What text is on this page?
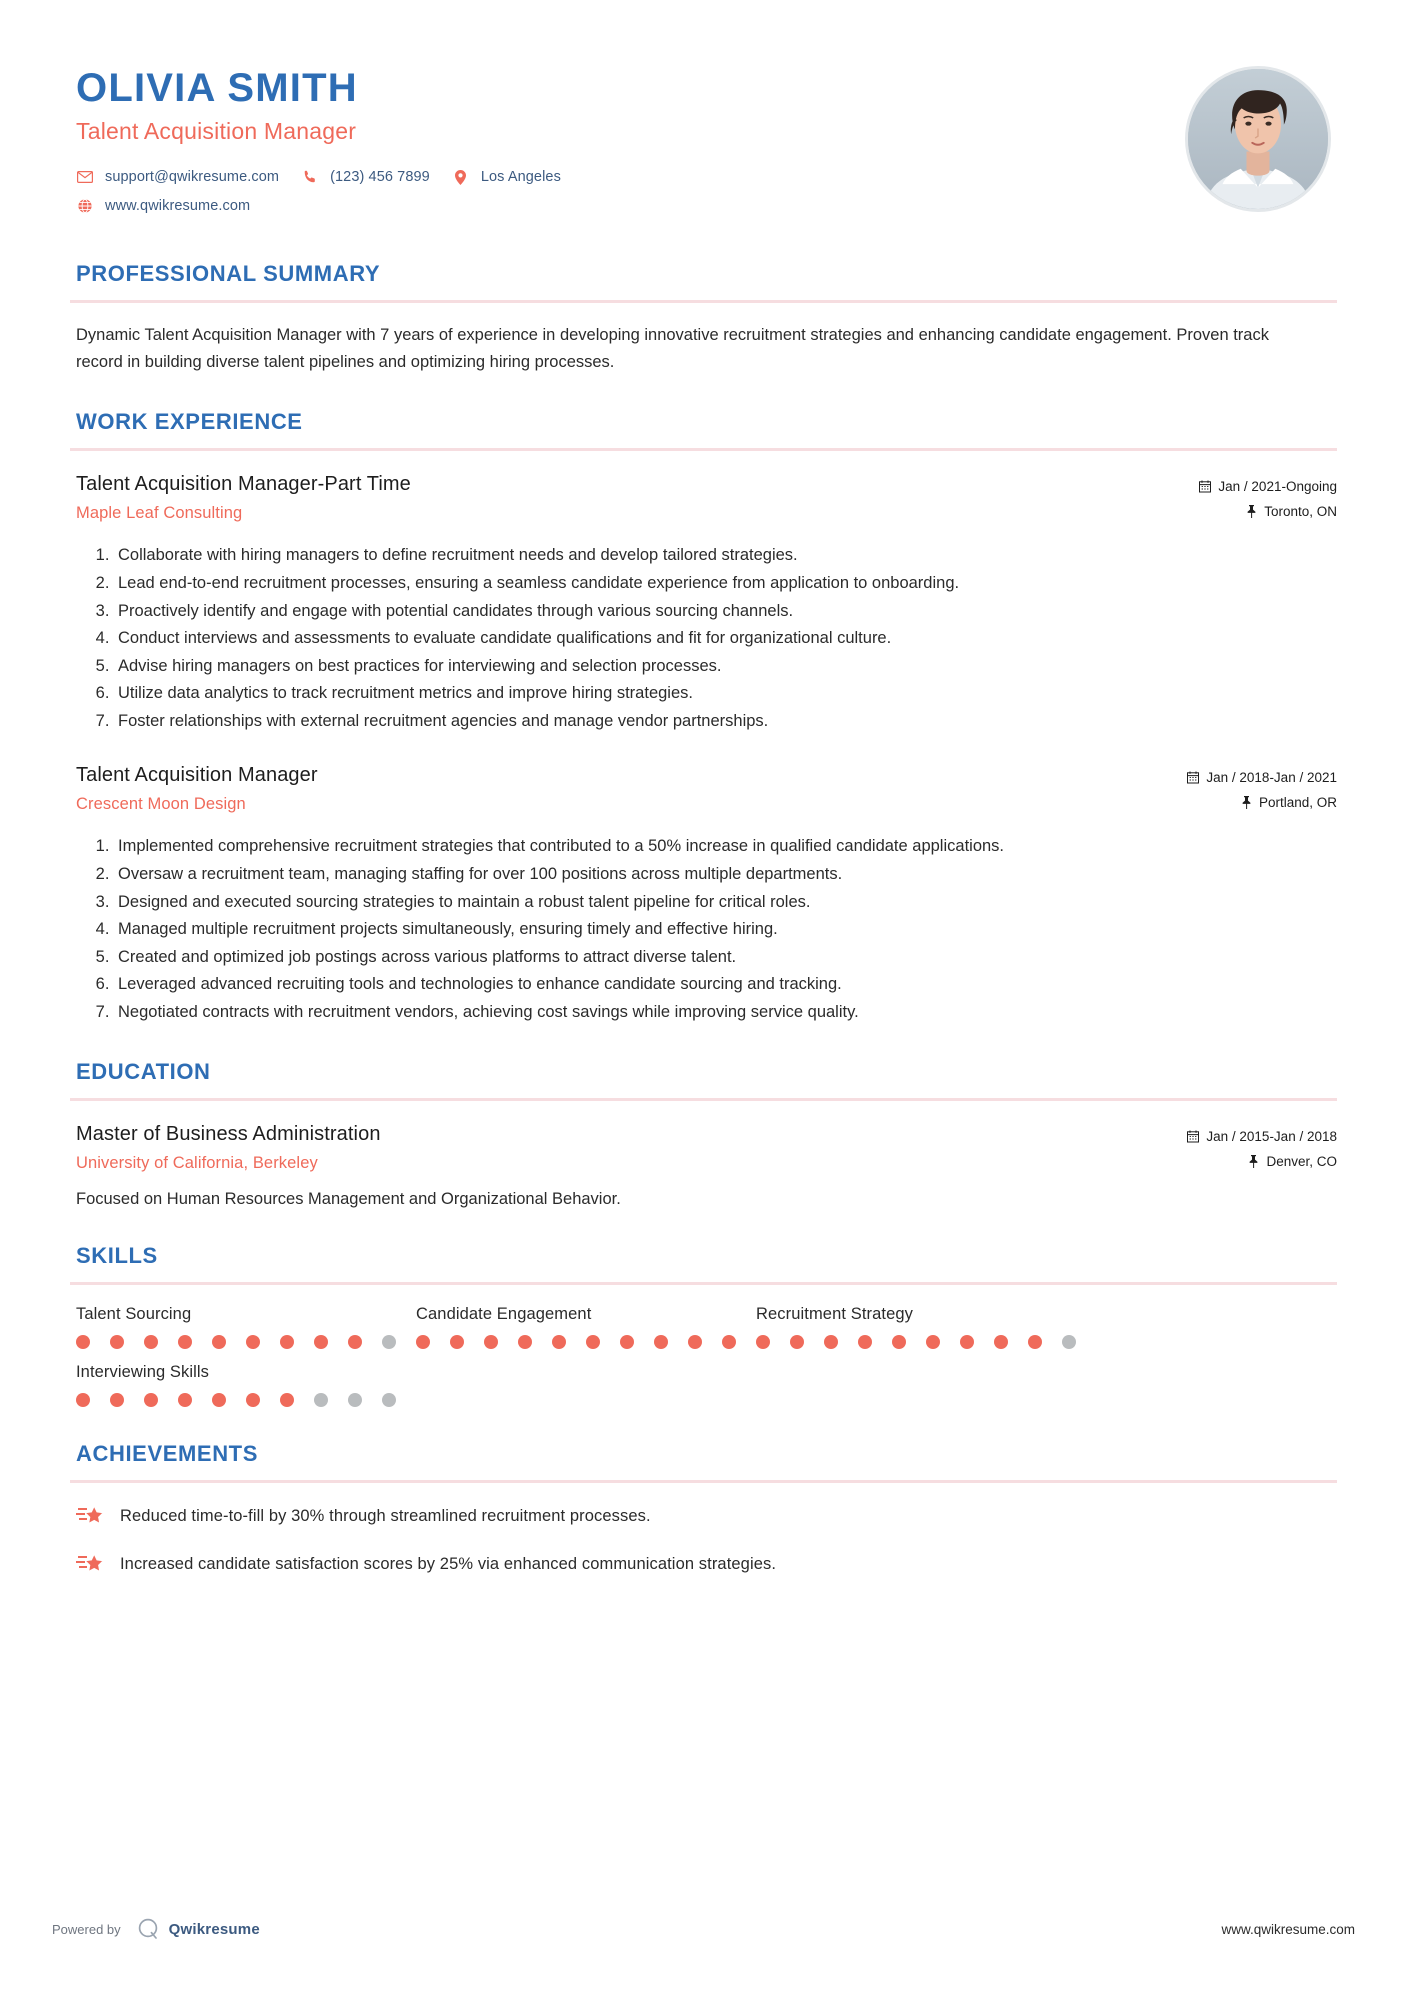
OLIVIA SMITH
Talent Acquisition Manager
support@qwikresume.com	(123) 456 7899	Los Angeles
www.qwikresume.com
PROFESSIONAL SUMMARY
Dynamic Talent Acquisition Manager with 7 years of experience in developing innovative recruitment strategies and enhancing candidate engagement. Proven track record in building diverse talent pipelines and optimizing hiring processes.
WORK EXPERIENCE
Talent Acquisition Manager-Part Time
Maple Leaf Consulting
Jan / 2021-Ongoing
Toronto, ON
1. Collaborate with hiring managers to define recruitment needs and develop tailored strategies.
2. Lead end-to-end recruitment processes, ensuring a seamless candidate experience from application to onboarding.
3. Proactively identify and engage with potential candidates through various sourcing channels.
4. Conduct interviews and assessments to evaluate candidate qualifications and fit for organizational culture.
5. Advise hiring managers on best practices for interviewing and selection processes.
6. Utilize data analytics to track recruitment metrics and improve hiring strategies.
7. Foster relationships with external recruitment agencies and manage vendor partnerships.
Talent Acquisition Manager
Crescent Moon Design
Jan / 2018-Jan / 2021
Portland, OR
1. Implemented comprehensive recruitment strategies that contributed to a 50% increase in qualified candidate applications.
2. Oversaw a recruitment team, managing staffing for over 100 positions across multiple departments.
3. Designed and executed sourcing strategies to maintain a robust talent pipeline for critical roles.
4. Managed multiple recruitment projects simultaneously, ensuring timely and effective hiring.
5. Created and optimized job postings across various platforms to attract diverse talent.
6. Leveraged advanced recruiting tools and technologies to enhance candidate sourcing and tracking.
7. Negotiated contracts with recruitment vendors, achieving cost savings while improving service quality.
EDUCATION
Master of Business Administration
University of California, Berkeley
Jan / 2015-Jan / 2018
Denver, CO
Focused on Human Resources Management and Organizational Behavior.
SKILLS
Talent Sourcing	Candidate Engagement	Recruitment Strategy
Interviewing Skills
ACHIEVEMENTS
Reduced time-to-fill by 30% through streamlined recruitment processes.
Increased candidate satisfaction scores by 25% via enhanced communication strategies.
Powered by	Qwikresume	www.qwikresume.com
